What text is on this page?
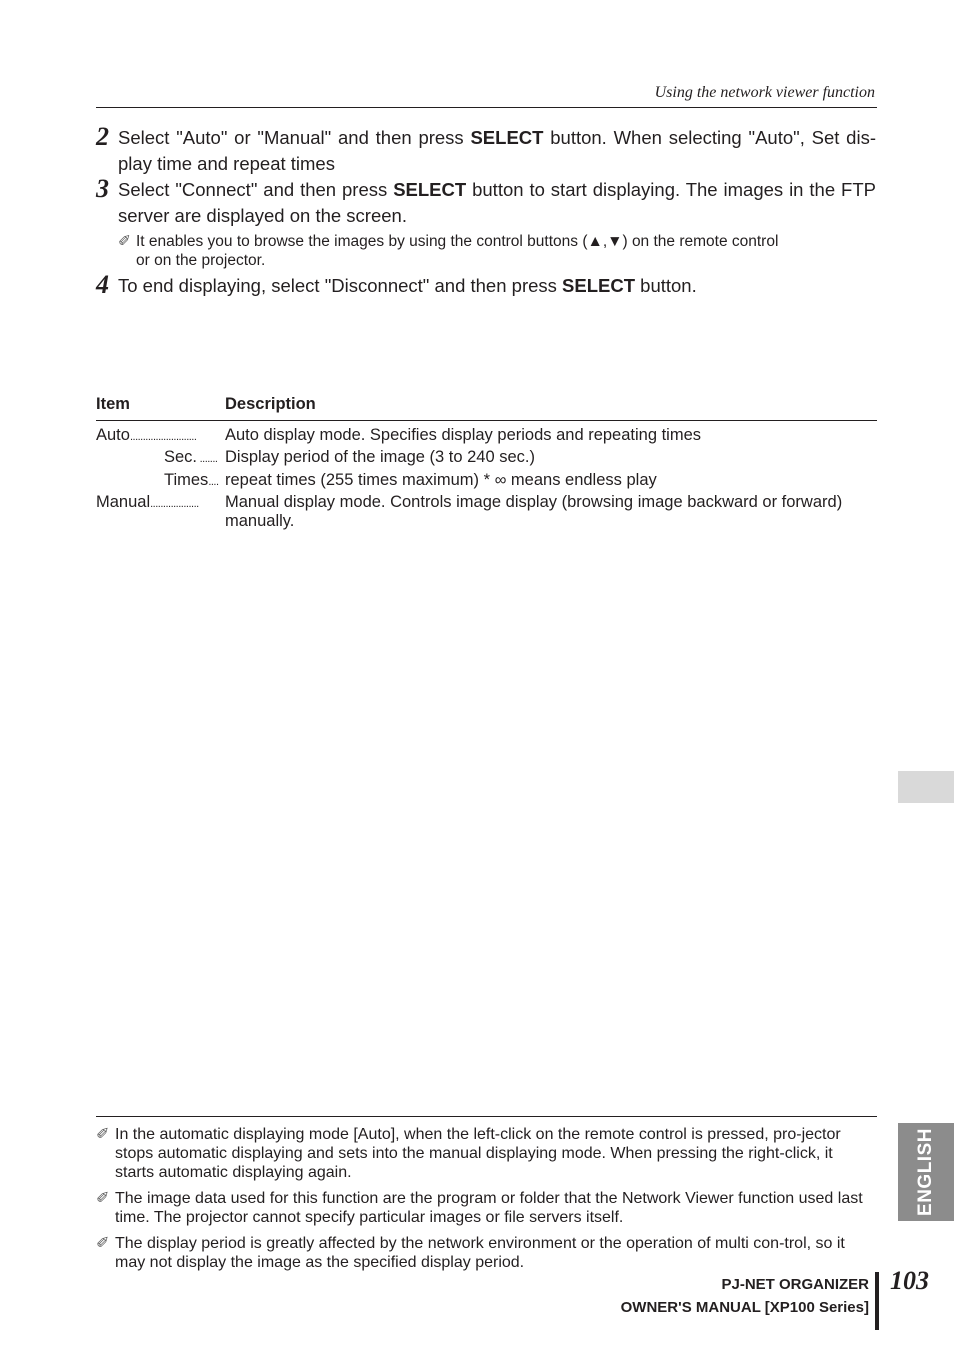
Using the network viewer function
2 Select "Auto" or "Manual" and then press SELECT button. When selecting "Auto", Set dis-play time and repeat times
3 Select "Connect" and then press SELECT button to start displaying. The images in the FTP server are displayed on the screen.
✐ It enables you to browse the images by using the control buttons (▲,▼) on the remote control
or on the projector.
4 To end displaying, select "Disconnect" and then press SELECT button.
Item	Description
Auto.......................... Auto display mode. Specifies display periods and repeating times
Sec. ....... Display period of the image (3 to 240 sec.)
Times.... repeat times (255 times maximum) * ∞ means endless play
Manual................... Manual display mode. Controls image display (browsing image backward or forward)
manually.
ENGLISH
✐ In the automatic displaying mode [Auto], when the left-click on the remote control is pressed, pro-jector stops automatic displaying and sets into the manual displaying mode. When pressing the right-click, it starts automatic displaying again.
✐ The image data used for this function are the program or folder that the Network Viewer function used last time. The projector cannot specify particular images or file servers itself.
✐ The display period is greatly affected by the network environment or the operation of multi con-trol, so it may not display the image as the specified display period.
PJ-NET ORGANIZER
OWNER'S MANUAL [XP100 Series]
103
